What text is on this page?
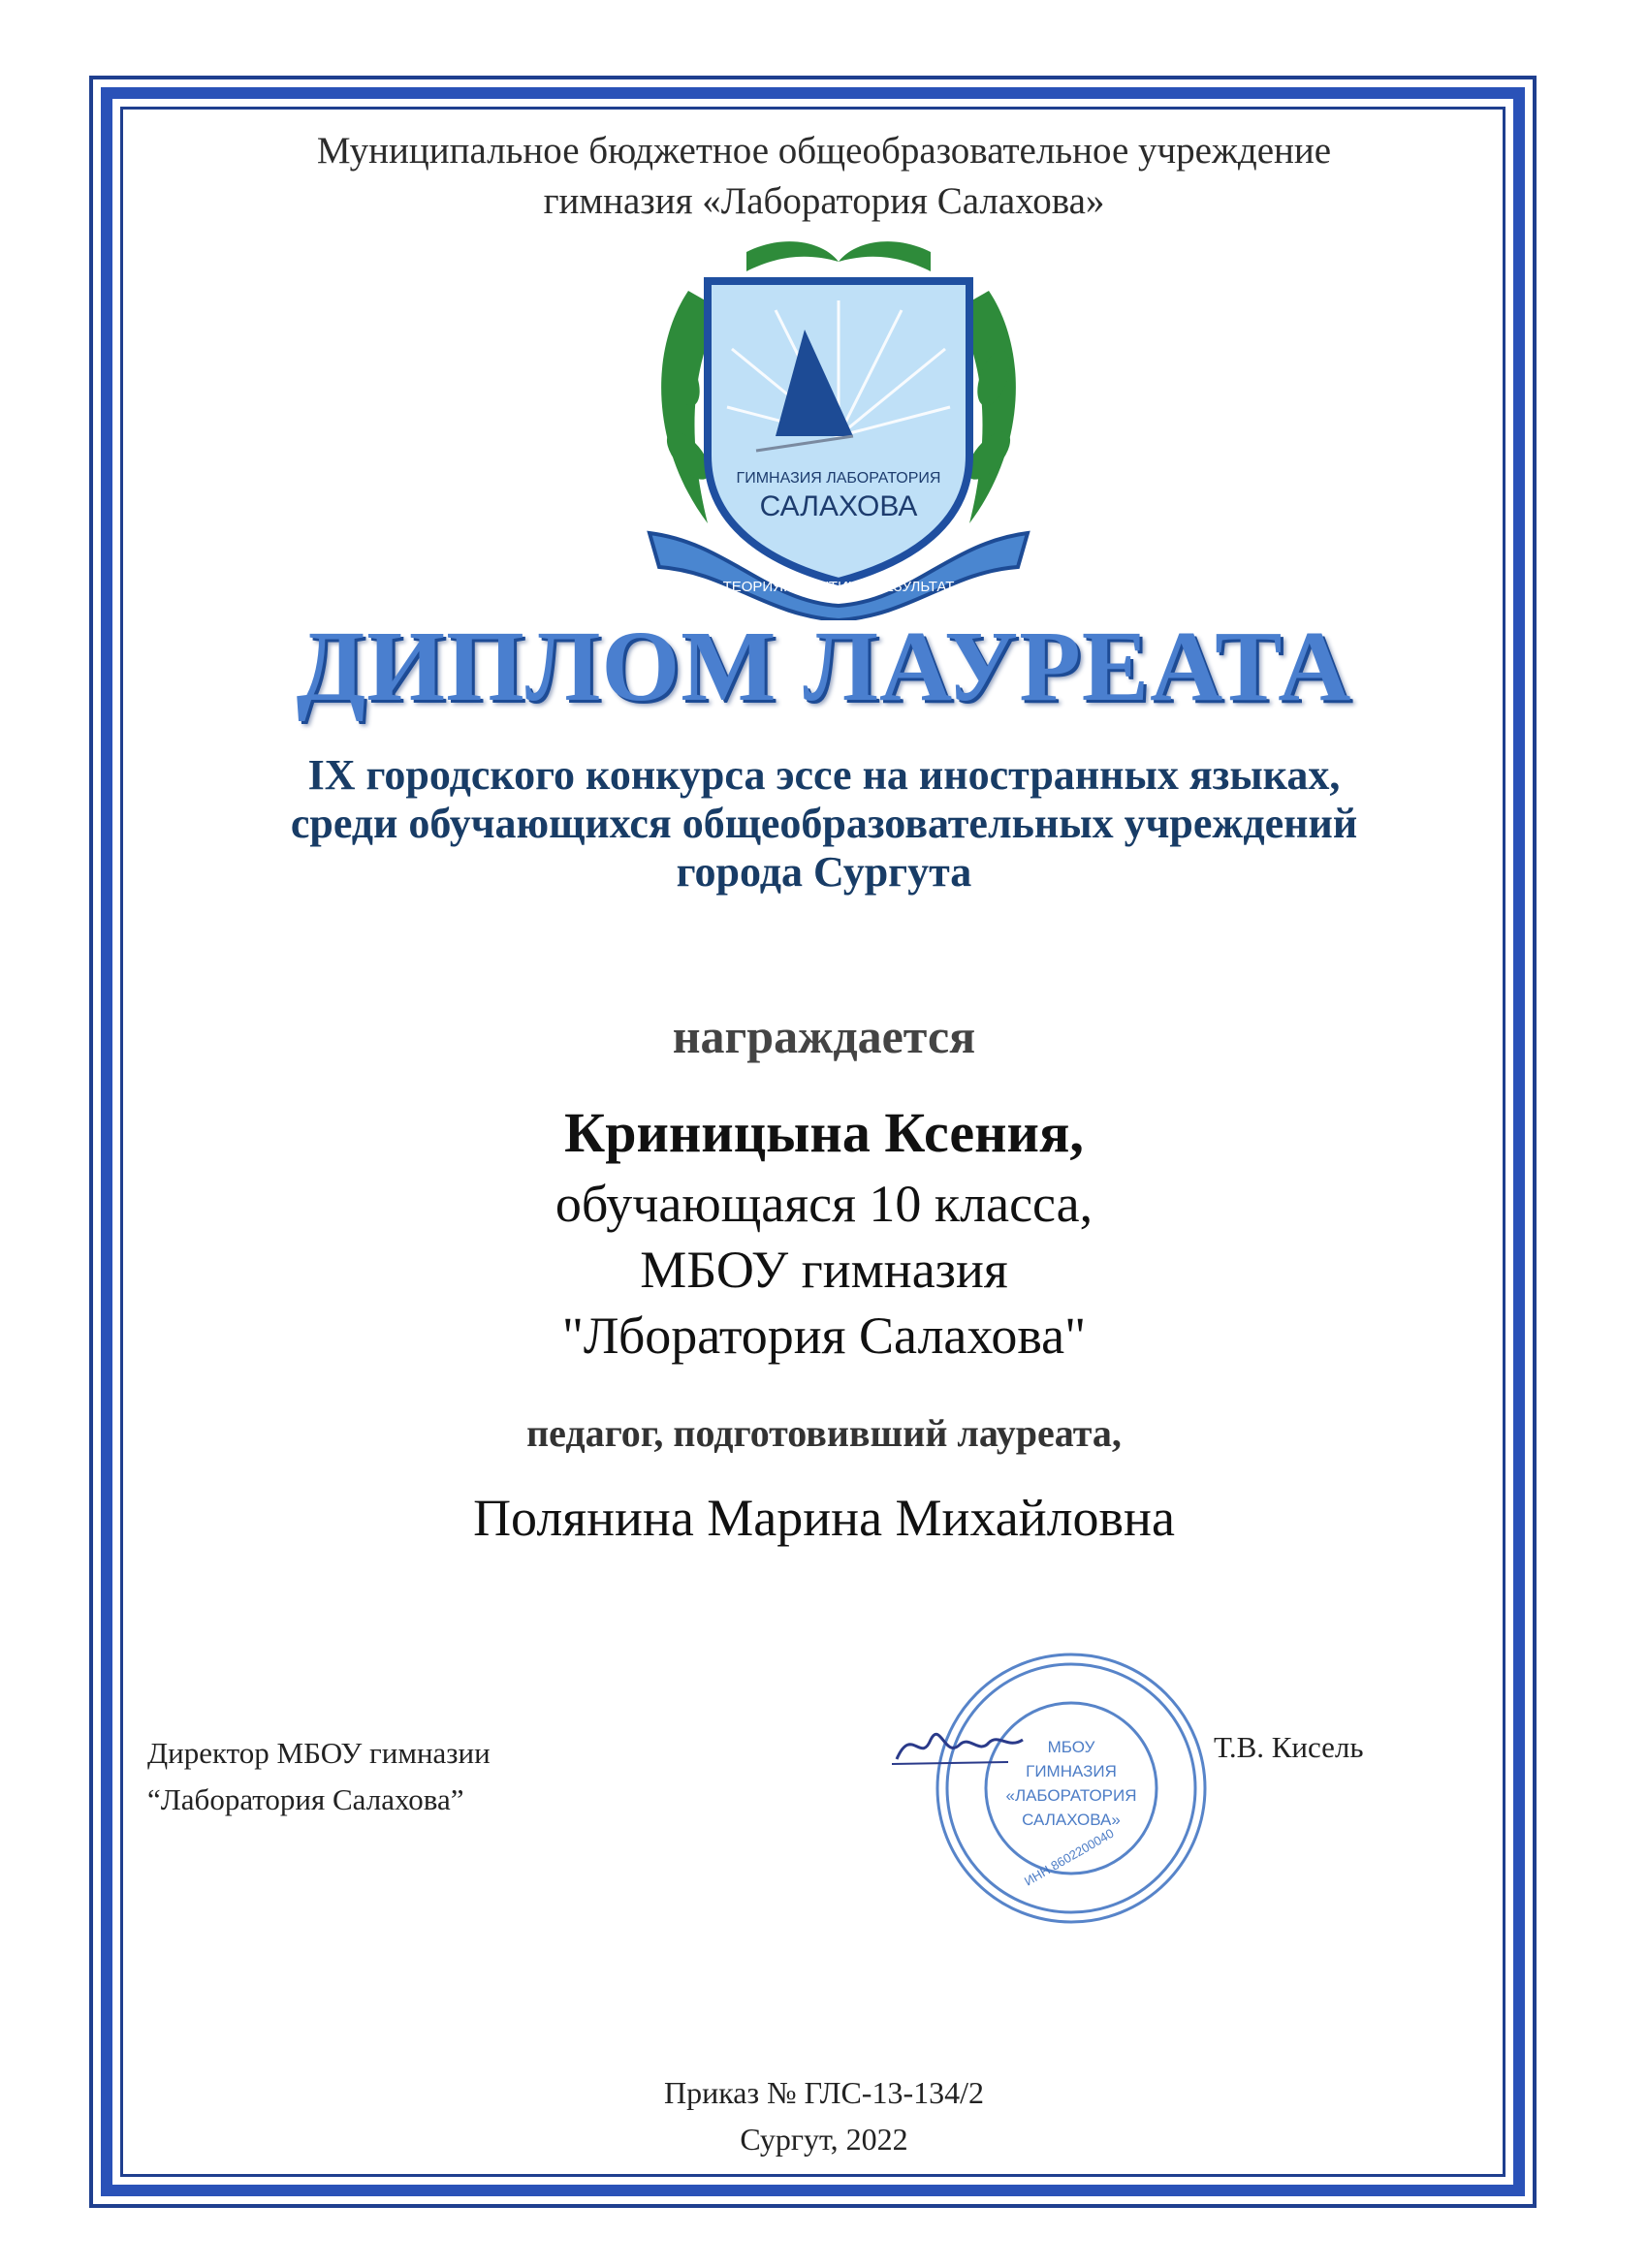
Муниципальное бюджетное общеобразовательное учреждение
гимназия «Лаборатория Салахова»
ГИМНАЗИЯ ЛАБОРАТОРИЯ
САЛАХОВА
ТЕОРИЯ. ПРАКТИКА. РЕЗУЛЬТАТ
ДИПЛОМ ЛАУРЕАТА
IX городского конкурса эссе на иностранных языках,
среди обучающихся общеобразовательных учреждений
города Сургута
награждается
Криницына Ксения,
обучающаяся 10 класса,
МБОУ гимназия
"Лборатория Салахова"
педагог, подготовивший лауреата,
Полянина Марина Михайловна
Директор МБОУ гимназии
“Лаборатория Салахова”
МБОУ
ГИМНАЗИЯ
«ЛАБОРАТОРИЯ
САЛАХОВА»
ИНН 8602200040
Т.В. Кисель
Приказ № ГЛС-13-134/2
Сургут, 2022
